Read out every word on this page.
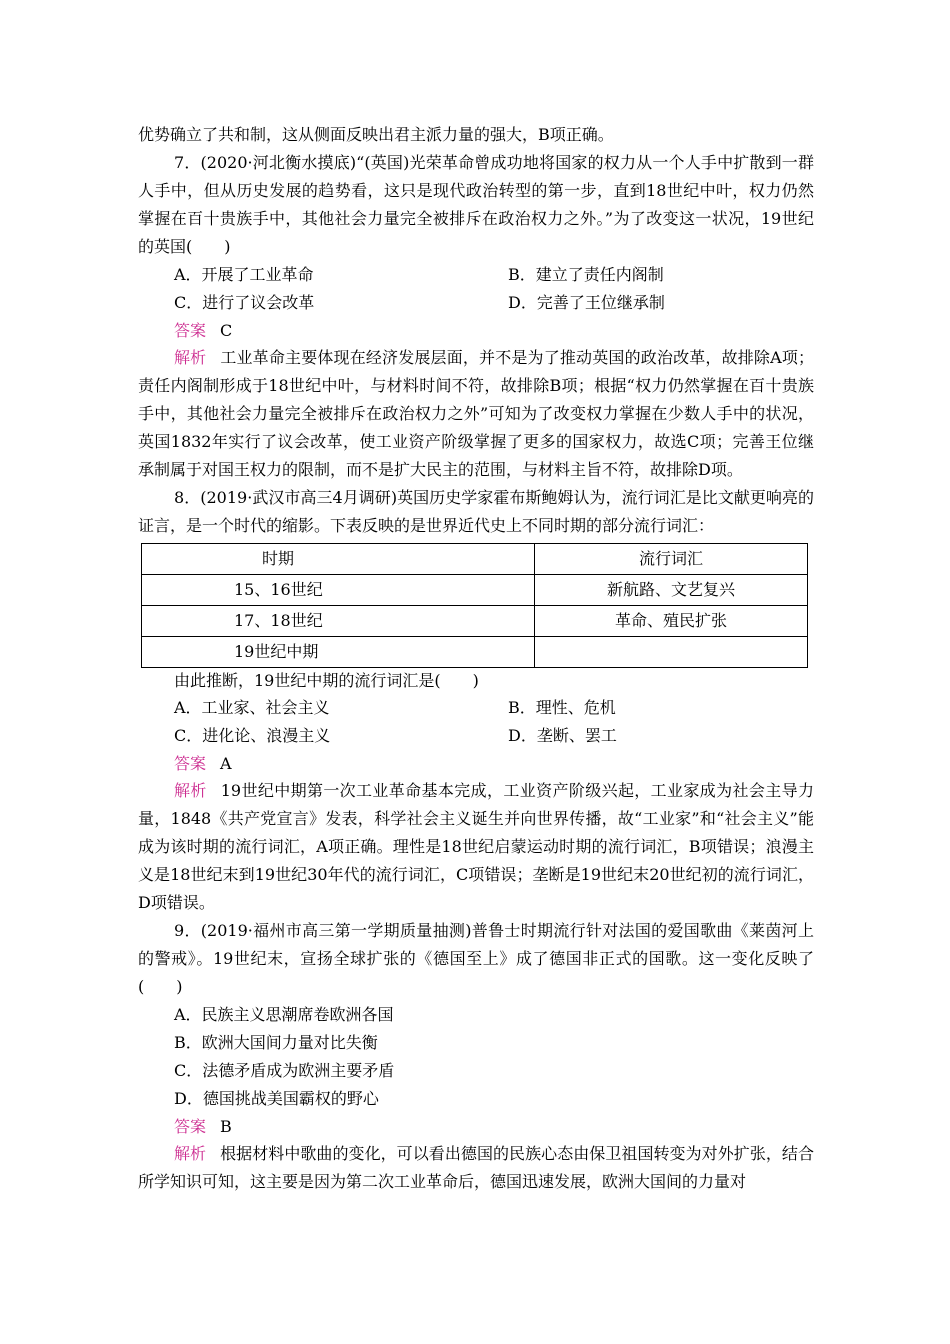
优势确立了共和制，这从侧面反映出君主派力量的强大，B项正确。

7．(2020·河北衡水摸底)“(英国)光荣革命曾成功地将国家的权力从一个人手中扩散到一群人手中，但从历史发展的趋势看，这只是现代政治转型的第一步，直到18世纪中叶，权力仍然掌握在百十贵族手中，其他社会力量完全被排斥在政治权力之外。”为了改变这一状况，19世纪的英国(　　)

A．开展了工业革命	B．建立了责任内阁制
C．进行了议会改革	D．完善了王位继承制
答案 C

解析 工业革命主要体现在经济发展层面，并不是为了推动英国的政治改革，故排除A项；责任内阁制形成于18世纪中叶，与材料时间不符，故排除B项；根据“权力仍然掌握在百十贵族手中，其他社会力量完全被排斥在政治权力之外”可知为了改变权力掌握在少数人手中的状况，英国1832年实行了议会改革，使工业资产阶级掌握了更多的国家权力，故选C项；完善王位继承制属于对国王权力的限制，而不是扩大民主的范围，与材料主旨不符，故排除D项。

8．(2019·武汉市高三4月调研)英国历史学家霍布斯鲍姆认为，流行词汇是比文献更响亮的证言，是一个时代的缩影。下表反映的是世界近代史上不同时期的部分流行词汇：

时期	流行词汇
15、16世纪	新航路、文艺复兴
17、18世纪	革命、殖民扩张
19世纪中期	

由此推断，19世纪中期的流行词汇是(　　)

A．工业家、社会主义	B．理性、危机
C．进化论、浪漫主义	D．垄断、罢工
答案 A

解析 19世纪中期第一次工业革命基本完成，工业资产阶级兴起，工业家成为社会主导力量，1848《共产党宣言》发表，科学社会主义诞生并向世界传播，故“工业家”和“社会主义”能成为该时期的流行词汇，A项正确。理性是18世纪启蒙运动时期的流行词汇，B项错误；浪漫主义是18世纪末到19世纪30年代的流行词汇，C项错误；垄断是19世纪末20世纪初的流行词汇，D项错误。

9．(2019·福州市高三第一学期质量抽测)普鲁士时期流行针对法国的爱国歌曲《莱茵河上的警戒》。19世纪末，宣扬全球扩张的《德国至上》成了德国非正式的国歌。这一变化反映了(　　)

A．民族主义思潮席卷欧洲各国

B．欧洲大国间力量对比失衡

C．法德矛盾成为欧洲主要矛盾

D．德国挑战美国霸权的野心

答案 B

解析 根据材料中歌曲的变化，可以看出德国的民族心态由保卫祖国转变为对外扩张，结合所学知识可知，这主要是因为第二次工业革命后，德国迅速发展，欧洲大国间的力量对
